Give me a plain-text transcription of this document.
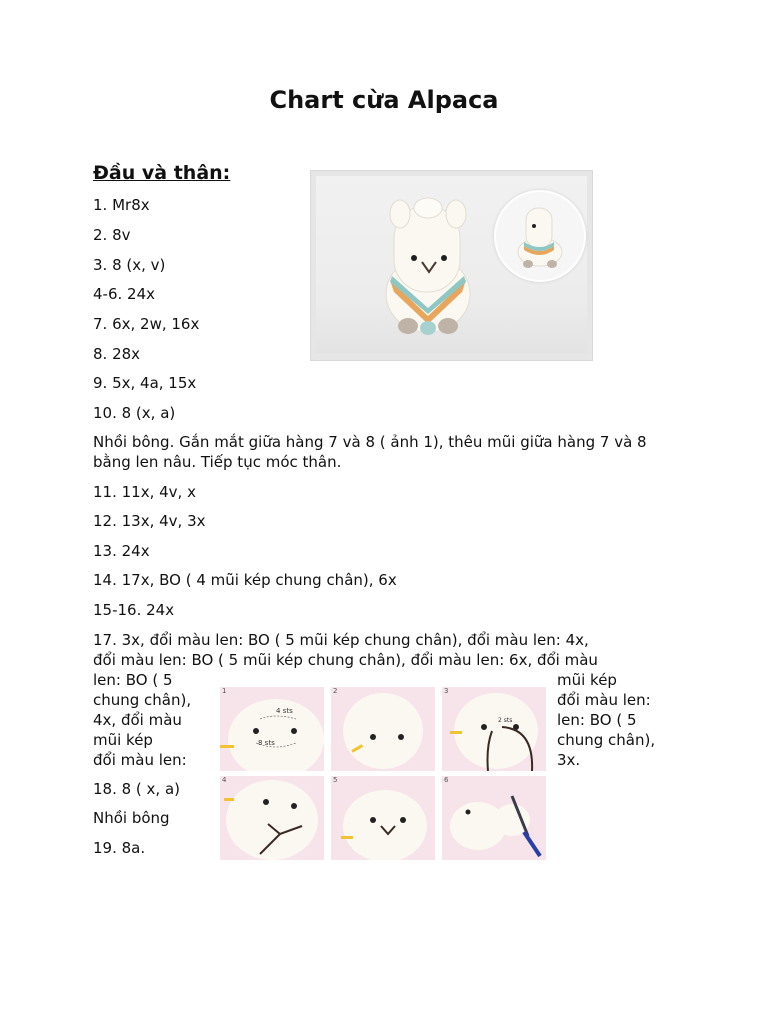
Chart cừa Alpaca
Đầu và thân:
1. Mr8x
2. 8v
3. 8 (x, v)
4-6. 24x
7. 6x, 2w, 16x
8. 28x
9. 5x, 4a, 15x
10. 8 (x, a)
Nhồi bông. Gắn mắt giữa hàng 7 và 8 ( ảnh 1), thêu mũi giữa hàng 7 và 8 bằng len nâu. Tiếp tục móc thân.
11. 11x, 4v, x
12. 13x, 4v, 3x
13. 24x
14. 17x, BO ( 4 mũi kép chung chân), 6x
15-16. 24x
17. 3x, đổi màu len: BO ( 5 mũi kép chung chân), đổi màu len: 4x,
đổi màu len: BO ( 5 mũi kép chung chân), đổi màu len: 6x, đổi màu
len: BO ( 5
chung chân),
4x, đổi màu
mũi kép
đổi màu len:
mũi kép
đổi màu len:
len: BO ( 5
chung chân),
3x.
18. 8 ( x, a)
Nhồi bông
19. 8a.
1
4 sts
8 sts
2	3
2 sts
4	5	6
